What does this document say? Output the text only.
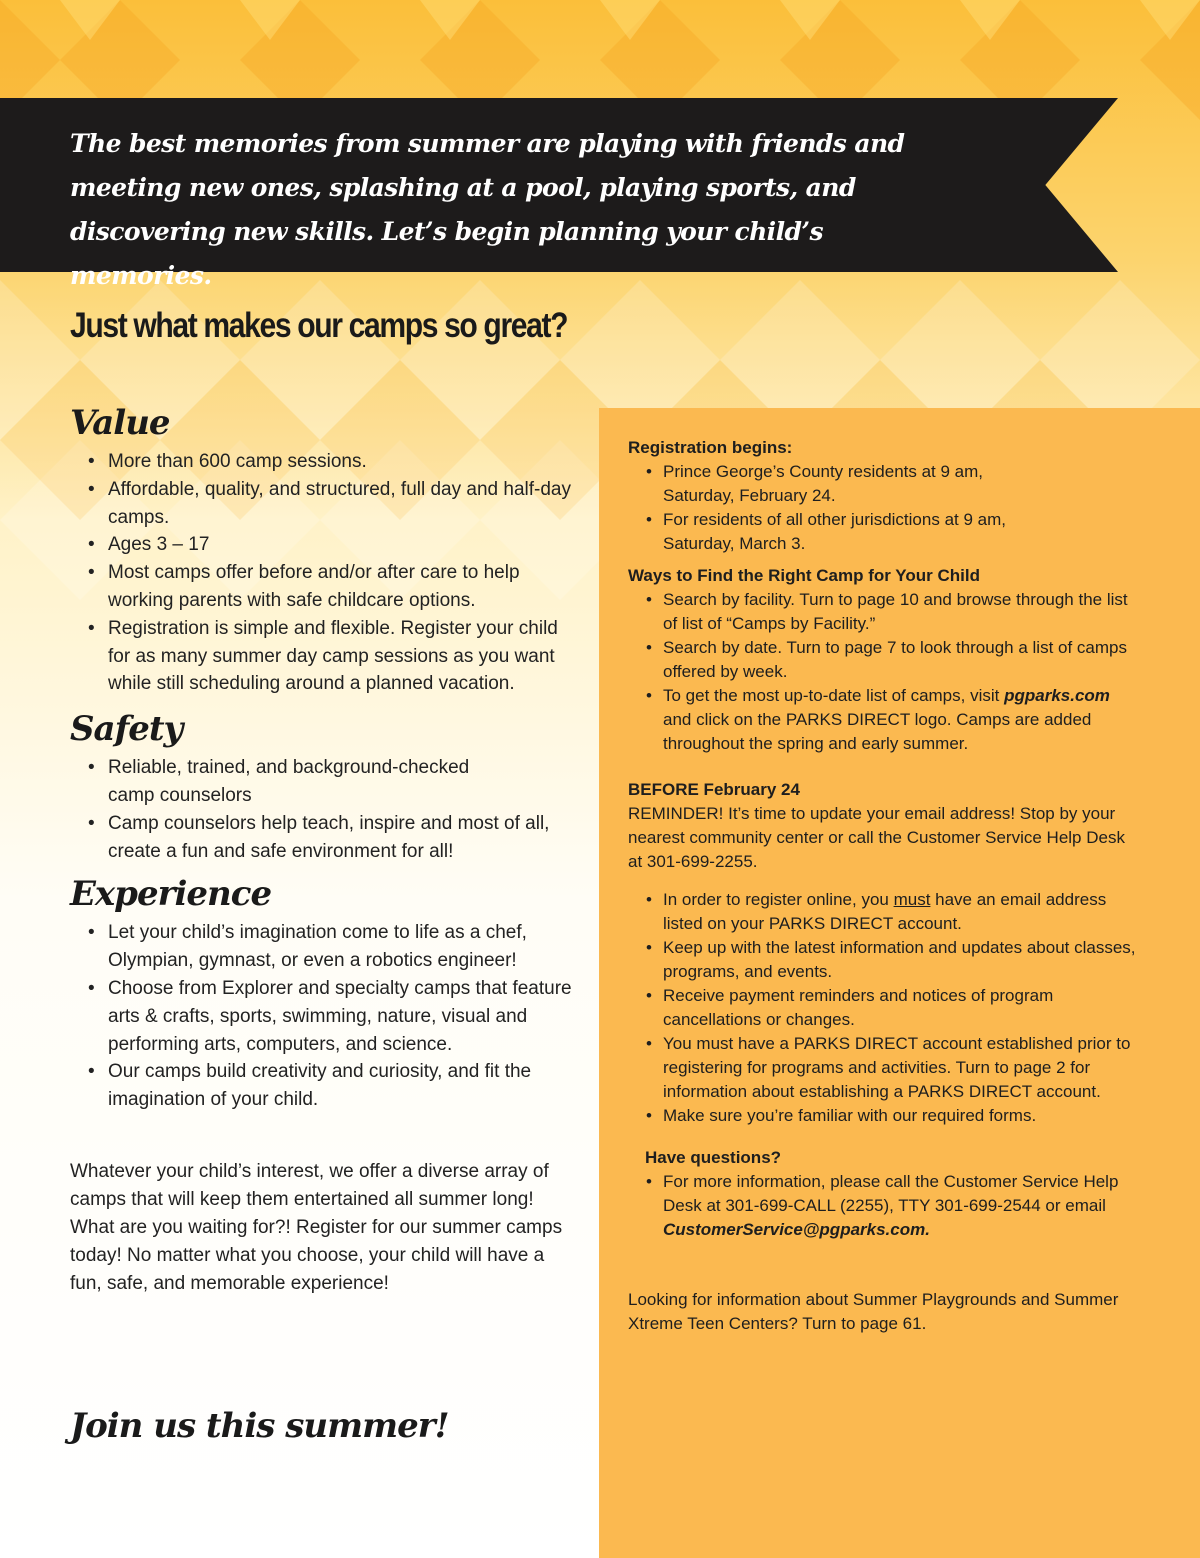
The best memories from summer are playing with friends and meeting new ones, splashing at a pool, playing sports, and discovering new skills. Let’s begin planning your child’s memories.

Just what makes our camps so great?
Value
• More than 600 camp sessions.
• Affordable, quality, and structured, full day and half-day camps.
• Ages 3 – 17
• Most camps offer before and/or after care to help working parents with safe childcare options.
• Registration is simple and flexible. Register your child for as many summer day camp sessions as you want while still scheduling around a planned vacation.
Safety
• Reliable, trained, and background-checked camp counselors
• Camp counselors help teach, inspire and most of all, create a fun and safe environment for all!
Experience
• Let your child’s imagination come to life as a chef, Olympian, gymnast, or even a robotics engineer!
• Choose from Explorer and specialty camps that feature arts & crafts, sports, swimming, nature, visual and performing arts, computers, and science.
• Our camps build creativity and curiosity, and fit the imagination of your child.

Whatever your child’s interest, we offer a diverse array of camps that will keep them entertained all summer long! What are you waiting for?! Register for our summer camps today! No matter what you choose, your child will have a fun, safe, and memorable experience!

Join us this summer!
Registration begins:
• Prince George’s County residents at 9 am, Saturday, February 24.
• For residents of all other jurisdictions at 9 am, Saturday, March 3.
Ways to Find the Right Camp for Your Child
• Search by facility. Turn to page 10 and browse through the list of list of “Camps by Facility.”
• Search by date. Turn to page 7 to look through a list of camps offered by week.
• To get the most up-to-date list of camps, visit pgparks.com and click on the PARKS DIRECT logo. Camps are added throughout the spring and early summer.
BEFORE February 24

REMINDER! It’s time to update your email address! Stop by your nearest community center or call the Customer Service Help Desk at 301-699-2255.

• In order to register online, you must have an email address listed on your PARKS DIRECT account.
• Keep up with the latest information and updates about classes, programs, and events.
• Receive payment reminders and notices of program cancellations or changes.
• You must have a PARKS DIRECT account established prior to registering for programs and activities. Turn to page 2 for information about establishing a PARKS DIRECT account.
• Make sure you’re familiar with our required forms.
Have questions?
• For more information, please call the Customer Service Help Desk at 301-699-CALL (2255), TTY 301-699-2544 or email CustomerService@pgparks.com.

Looking for information about Summer Playgrounds and Summer Xtreme Teen Centers? Turn to page 61.
